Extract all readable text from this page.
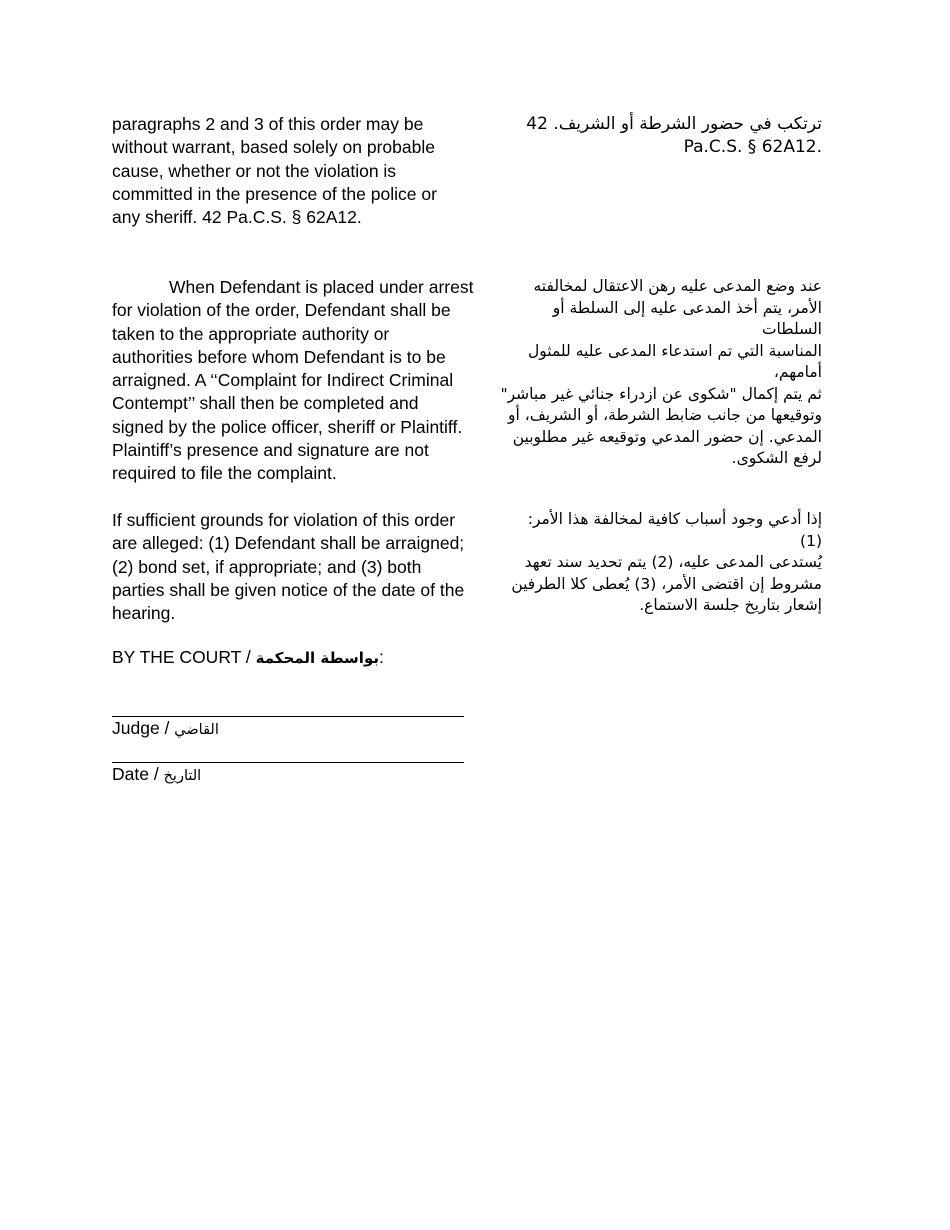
paragraphs 2 and 3 of this order may be
without warrant, based solely on probable
cause, whether or not the violation is
committed in the presence of the police or
any sheriff. 42 Pa.C.S. § 62A12.
ترتكب في حضور الشرطة أو الشريف. 42
.Pa.C.S. § 62A12
When Defendant is placed under arrest
for violation of the order, Defendant shall be
taken to the appropriate authority or
authorities before whom Defendant is to be
arraigned. A ‘‘Complaint for Indirect Criminal
Contempt’’ shall then be completed and
signed by the police officer, sheriff or Plaintiff.
Plaintiff’s presence and signature are not
required to file the complaint.
عند وضع المدعى عليه رهن الاعتقال لمخالفته
الأمر، يتم أخذ المدعى عليه إلى السلطة أو السلطات
المناسبة التي تم استدعاء المدعى عليه للمثول أمامهم،
ثم يتم إكمال "شكوى عن ازدراء جنائي غير مباشر"
وتوقيعها من جانب ضابط الشرطة، أو الشريف، أو
المدعي. إن حضور المدعي وتوقيعه غير مطلوبين
لرفع الشكوى.
If sufficient grounds for violation of this order
are alleged: (1) Defendant shall be arraigned;
(2) bond set, if appropriate; and (3) both
parties shall be given notice of the date of the
hearing.
إذا أدعي وجود أسباب كافية لمخالفة هذا الأمر: (1)
يُستدعى المدعى عليه، (2) يتم تحديد سند تعهد
مشروط إن اقتضى الأمر، (3) يُعطى كلا الطرفين
إشعار بتاريخ جلسة الاستماع.
BY THE COURT / بواسطة المحكمة:
Judge / القاضي
Date / التاريخ
